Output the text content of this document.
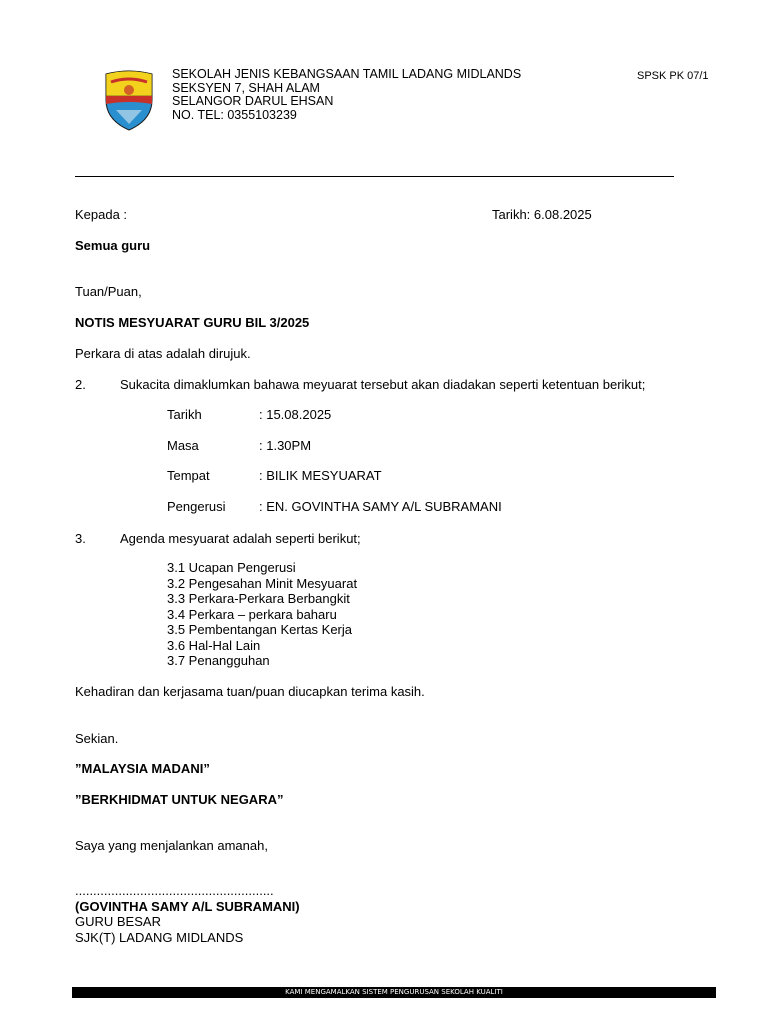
SEKOLAH JENIS KEBANGSAAN TAMIL LADANG MIDLANDS
SEKSYEN 7, SHAH ALAM
SELANGOR DARUL EHSAN
NO. TEL: 0355103239
SPSK PK 07/1
Kepada :	Tarikh: 6.08.2025
Semua guru
Tuan/Puan,
NOTIS MESYUARAT GURU BIL 3/2025
Perkara di atas adalah dirujuk.
2.	Sukacita dimaklumkan bahawa meyuarat tersebut akan diadakan seperti ketentuan berikut;
Tarikh	: 15.08.2025
Masa	: 1.30PM
Tempat	: BILIK MESYUARAT
Pengerusi	: EN. GOVINTHA SAMY A/L SUBRAMANI
3.	Agenda mesyuarat adalah seperti berikut;
3.1 Ucapan Pengerusi
3.2 Pengesahan Minit Mesyuarat
3.3 Perkara-Perkara Berbangkit
3.4 Perkara – perkara baharu
3.5 Pembentangan Kertas Kerja
3.6 Hal-Hal Lain
3.7 Penangguhan
Kehadiran dan kerjasama tuan/puan diucapkan terima kasih.
Sekian.
”MALAYSIA MADANI”
”BERKHIDMAT UNTUK NEGARA”
Saya yang menjalankan amanah,
.......................................................
(GOVINTHA SAMY A/L SUBRAMANI)
GURU BESAR
SJK(T) LADANG MIDLANDS
KAMI MENGAMALKAN SISTEM PENGURUSAN SEKOLAH KUALITI
